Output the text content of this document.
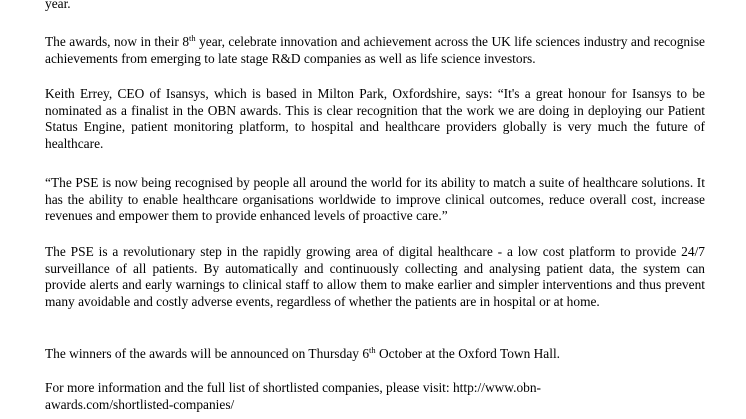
year.

The awards, now in their 8th year, celebrate innovation and achievement across the UK life sciences industry and recognise achievements from emerging to late stage R&D companies as well as life science investors.

Keith Errey, CEO of Isansys, which is based in Milton Park, Oxfordshire, says: “It's a great honour for Isansys to be nominated as a finalist in the OBN awards. This is clear recognition that the work we are doing in deploying our Patient Status Engine, patient monitoring platform, to hospital and healthcare providers globally is very much the future of healthcare.

“The PSE is now being recognised by people all around the world for its ability to match a suite of healthcare solutions. It has the ability to enable healthcare organisations worldwide to improve clinical outcomes, reduce overall cost, increase revenues and empower them to provide enhanced levels of proactive care.”

The PSE is a revolutionary step in the rapidly growing area of digital healthcare - a low cost platform to provide 24/7 surveillance of all patients. By automatically and continuously collecting and analysing patient data, the system can provide alerts and early warnings to clinical staff to allow them to make earlier and simpler interventions and thus prevent many avoidable and costly adverse events, regardless of whether the patients are in hospital or at home.

The winners of the awards will be announced on Thursday 6th October at the Oxford Town Hall.

For more information and the full list of shortlisted companies, please visit: http://www.obn-
awards.com/shortlisted-companies/
